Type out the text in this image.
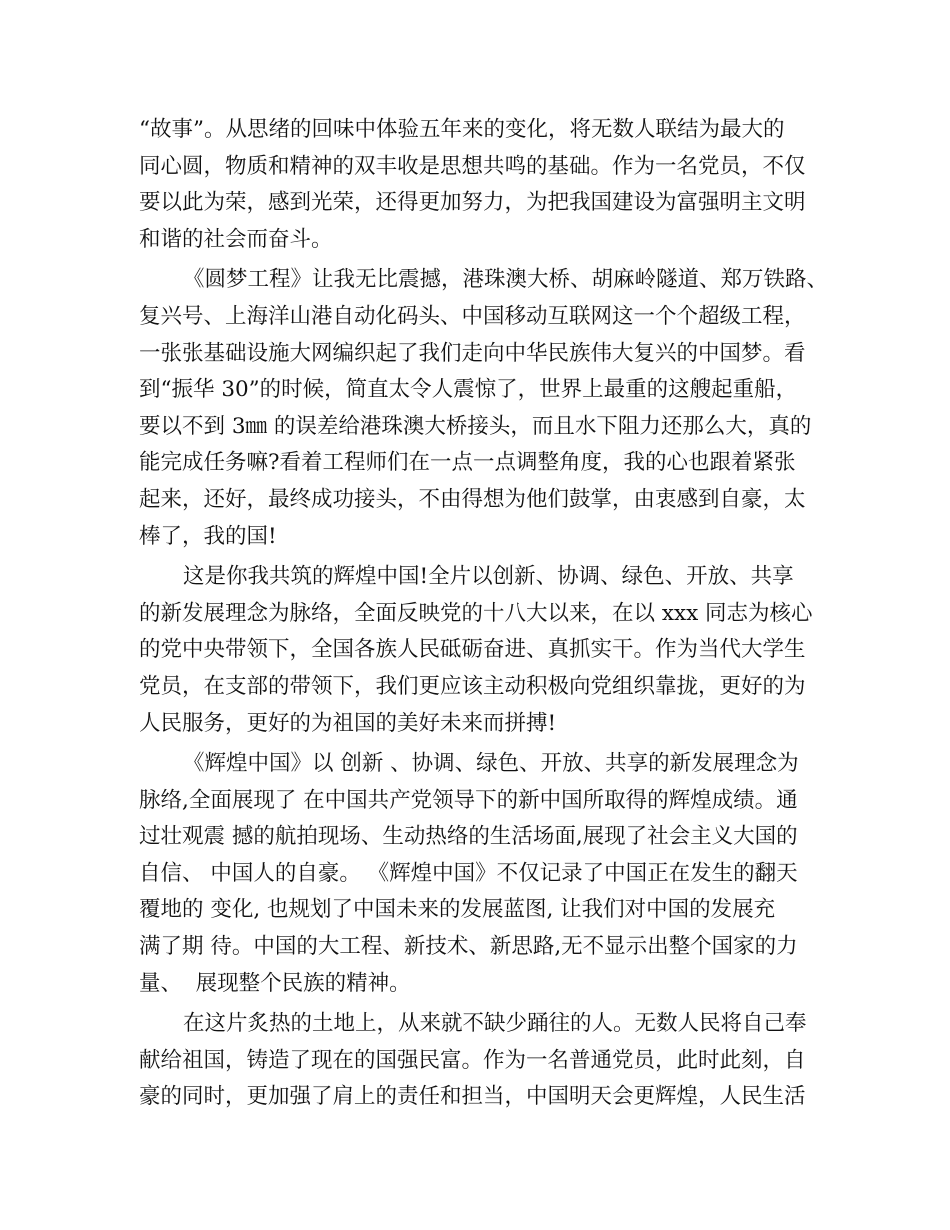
“故事”。从思绪的回味中体验五年来的变化，将无数人联结为最大的
同心圆，物质和精神的双丰收是思想共鸣的基础。作为一名党员，不仅
要以此为荣，感到光荣，还得更加努力，为把我国建设为富强明主文明
和谐的社会而奋斗。
《圆梦工程》让我无比震撼，港珠澳大桥、胡麻岭隧道、郑万铁路、
复兴号、上海洋山港自动化码头、中国移动互联网这一个个超级工程，
一张张基础设施大网编织起了我们走向中华民族伟大复兴的中国梦。看
到“振华 30”的时候，简直太令人震惊了，世界上最重的这艘起重船，
要以不到 3㎜ 的误差给港珠澳大桥接头，而且水下阻力还那么大，真的
能完成任务嘛?看着工程师们在一点一点调整角度，我的心也跟着紧张
起来，还好，最终成功接头，不由得想为他们鼓掌，由衷感到自豪，太
棒了，我的国!
这是你我共筑的辉煌中国!全片以创新、协调、绿色、开放、共享
的新发展理念为脉络，全面反映党的十八大以来，在以 xxx 同志为核心
的党中央带领下，全国各族人民砥砺奋进、真抓实干。作为当代大学生
党员，在支部的带领下，我们更应该主动积极向党组织靠拢，更好的为
人民服务，更好的为祖国的美好未来而拼搏!
《辉煌中国》以 创新 、协调、绿色、开放、共享的新发展理念为
脉络,全面展现了 在中国共产党领导下的新中国所取得的辉煌成绩。通
过壮观震 撼的航拍现场、生动热络的生活场面,展现了社会主义大国的
自信、 中国人的自豪。 《辉煌中国》不仅记录了中国正在发生的翻天
覆地的 变化, 也规划了中国未来的发展蓝图, 让我们对中国的发展充
满了期 待。中国的大工程、新技术、新思路,无不显示出整个国家的力
量、  展现整个民族的精神。
在这片炙热的土地上，从来就不缺少踊往的人。无数人民将自己奉
献给祖国，铸造了现在的国强民富。作为一名普通党员，此时此刻，自
豪的同时，更加强了肩上的责任和担当，中国明天会更辉煌，人民生活
